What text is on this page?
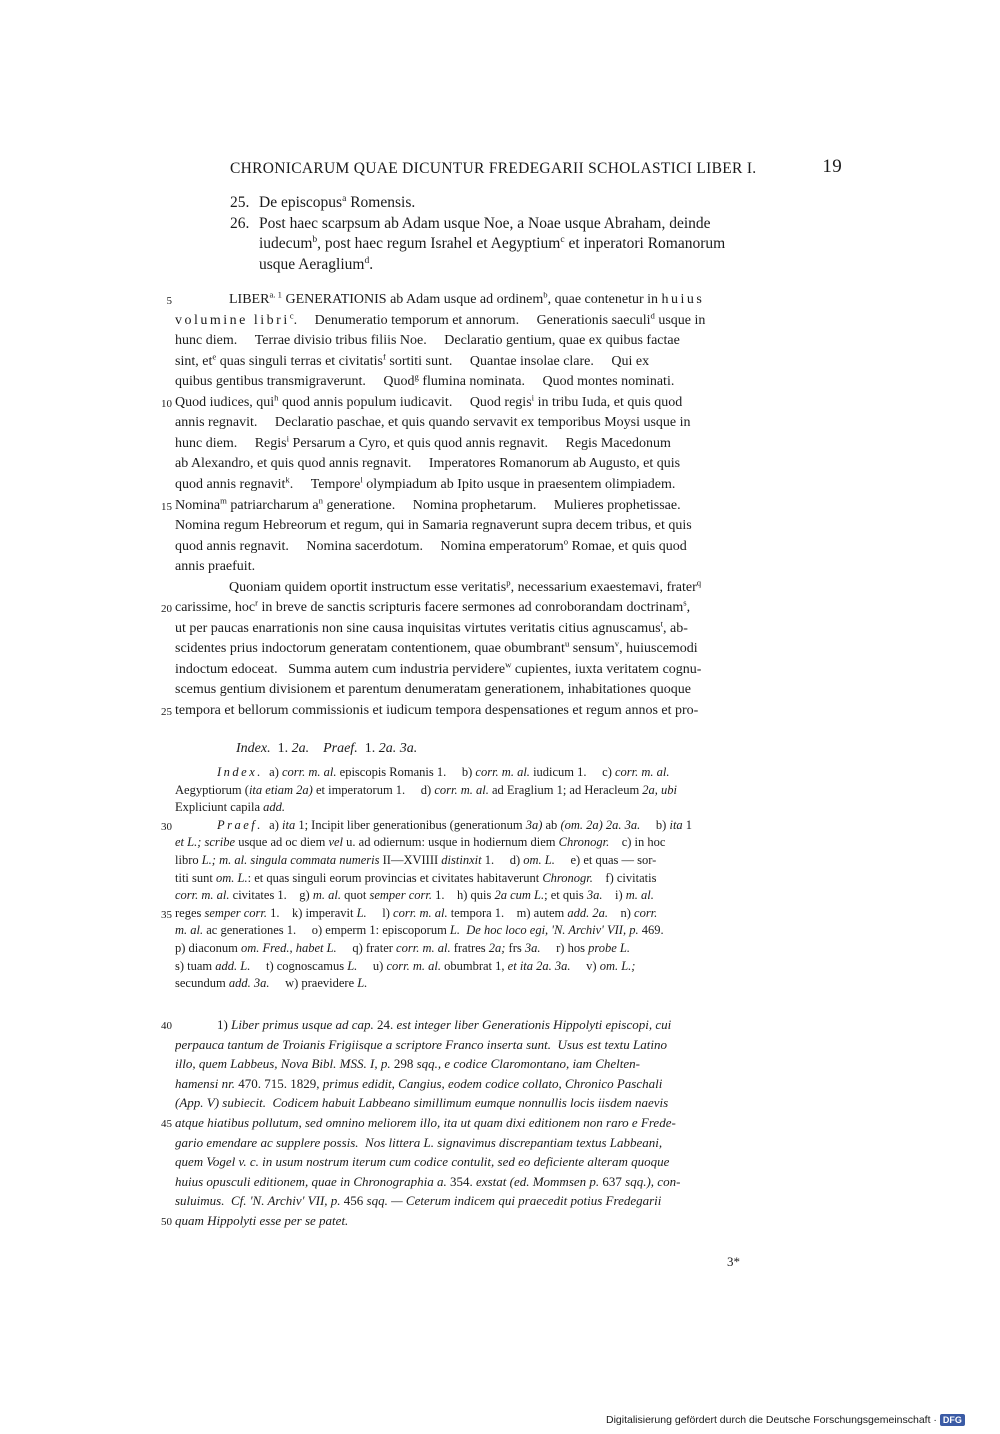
CHRONICARUM QUAE DICUNTUR FREDEGARII SCHOLASTICI LIBER I.	19
25. De episcopus$^a$ Romensis.
26. Post haec scarpsum ab Adam usque Noe, a Noae usque Abraham, deinde
iudecum$^b$, post haec regum Israhel et Aegyptium$^c$ et inperatori Romanorum
usque Aeraglium$^d$.
5	$LIBER^{a. 1}$ GENERATIONIS ab Adam usque ad ordinem$^b$, quae contenetur in huius
volumine libri$^c$.     Denumeratio temporum et annorum.     Generationis saeculi$^d$ usque in
hunc diem.     Terrae divisio tribus filiis Noe.     Declaratio gentium, quae ex quibus factae
sint, $et^e$ quas singuli terras et civitatis$^f$ sortiti sunt.     Quantae insolae clare.     Qui ex
quibus gentibus transmigraverunt.     Quod$^g$ flumina nominata.     Quod montes nominati.
10 Quod iudices, qui$^h$ quod annis populum iudicavit.     Quod regis$^i$ in tribu Iuda, et quis quod
annis regnavit.     Declaratio paschae, et quis quando servavit ex temporibus Moysi usque in
hunc diem.     Regis$^i$ Persarum a Cyro, et quis quod annis regnavit.     Regis Macedonum
ab Alexandro, et quis quod annis regnavit.     Imperatores Romanorum ab Augusto, et quis
quod annis regnavit$^k$.     Tempore$^l$ olympiadum ab Ipito usque in praesentem olimpiadem.
15 Nomina$^m$ patriarcharum $a^n$ generatione.     Nomina prophetarum.     Mulieres prophetissae.
Nomina regum Hebreorum et regum, qui in Samaria regnaverunt supra decem tribus, et quis
quod annis regnavit.     Nomina sacerdotum.     Nomina emperatorum$^o$ Romae, et quis quod
annis praefuit.
Quoniam quidem oportit instructum esse veritatis$^p$, necessarium exaestemavi, frater$^q$
20 carissime, hoc$^r$ in breve de sanctis scripturis facere sermones ad conroborandam doctrinam$^s$,
ut per paucas enarrationis non sine causa inquisitas virtutes veritatis citius agnuscamus$^t$, ab-
scidentes prius indoctorum generatam contentionem, quae obumbrant$^u$ sensum$^v$, huiuscemodi
indoctum edoceat.   Summa autem cum industria pervidere$^w$ cupientes, iuxta veritatem cognu-
scemus gentium divisionem et parentum denumeratam generationem, inhabitationes quoque
25 tempora et bellorum commissionis et iudicum tempora despensationes et regum annos et pro-
Index.  1. 2a. Praef.  1. 2a. 3a.
Index.  a) corr. m. al. episcopis Romanis 1.     b) corr. m. al. iudicum 1.     c) corr. m. al.
Aegyptiorum (ita etiam 2a) et imperatorum 1.     d) corr. m. al. ad Eraglium 1; ad Heracleum 2a, ubi
Expliciunt capila add.
30	Praef.  a) ita 1; Incipit liber generationibus (generationum 3a) ab (om. 2a) 2a. 3a.     b) ita 1
et L.; scribe usque ad oc diem vel u. ad odiernum: usque in hodiernum diem Chronogr.    c) in hoc
libro L.; m. al. singula commata numeris II—XVIIII distinxit 1.     d) om. L.     e) et quas — sor-
titi sunt om. L.: et quas singuli eorum provincias et civitates habitaverunt Chronogr.    f) civitatis
corr. m. al. civitates 1.    g) m. al. quot semper corr. 1.    h) quis 2a cum L.; et quis 3a.    i) m. al.
35 reges semper corr. 1.    k) imperavit L.     l) corr. m. al. tempora 1.    m) autem add. 2a.    n) corr.
m. al. ac generationes 1.     o) emperm 1: episcoporum L. De hoc loco egi, 'N. Archiv' VII, p. 469.
p) diaconum om. Fred., habet L.     q) frater corr. m. al. fratres 2a; frs 3a.     r) hos probe L.
s) tuam add. L.     t) cognoscamus L.     u) corr. m. al. obumbrat 1, et ita 2a. 3a.     v) om. L.;
secundum add. 3a.     w) praevidere L.
40	1) Liber primus usque ad cap. 24. est integer liber Generationis Hippolyti episcopi, cui
perpauca tantum de Troianis Frigiisque a scriptore Franco inserta sunt.  Usus est textu Latino
illo, quem Labbeus, Nova Bibl. MSS. I, p. 298 sqq., e codice Claromontano, iam Chelten-
hamensi nr. 470. 715. 1829, primus edidit, Cangius, eodem codice collato, Chronico Paschali
(App. V) subiecit.  Codicem habuit Labbeano simillimum eumque nonnullis locis iisdem naevis
45 atque hiatibus pollutum, sed omnino meliorem illo, ita ut quam dixi editionem non raro e Frede-
gario emendare ac supplere possis.  Nos littera L. signavimus discrepantiam textus Labbeani,
quem Vogel v. c. in usum nostrum iterum cum codice contulit, sed eo deficiente alteram quoque
huius opusculi editionem, quae in Chronographia a. 354. exstat (ed. Mommsen p. 637 sqq.), con-
suluimus.  Cf. 'N. Archiv' VII, p. 456 sqq. — Ceterum indicem qui praecedit potius Fredegarii
50 quam Hippolyti esse per se patet.
3*
Digitalisierung gefördert durch die Deutsche Forschungsgemeinschaft · DFG
